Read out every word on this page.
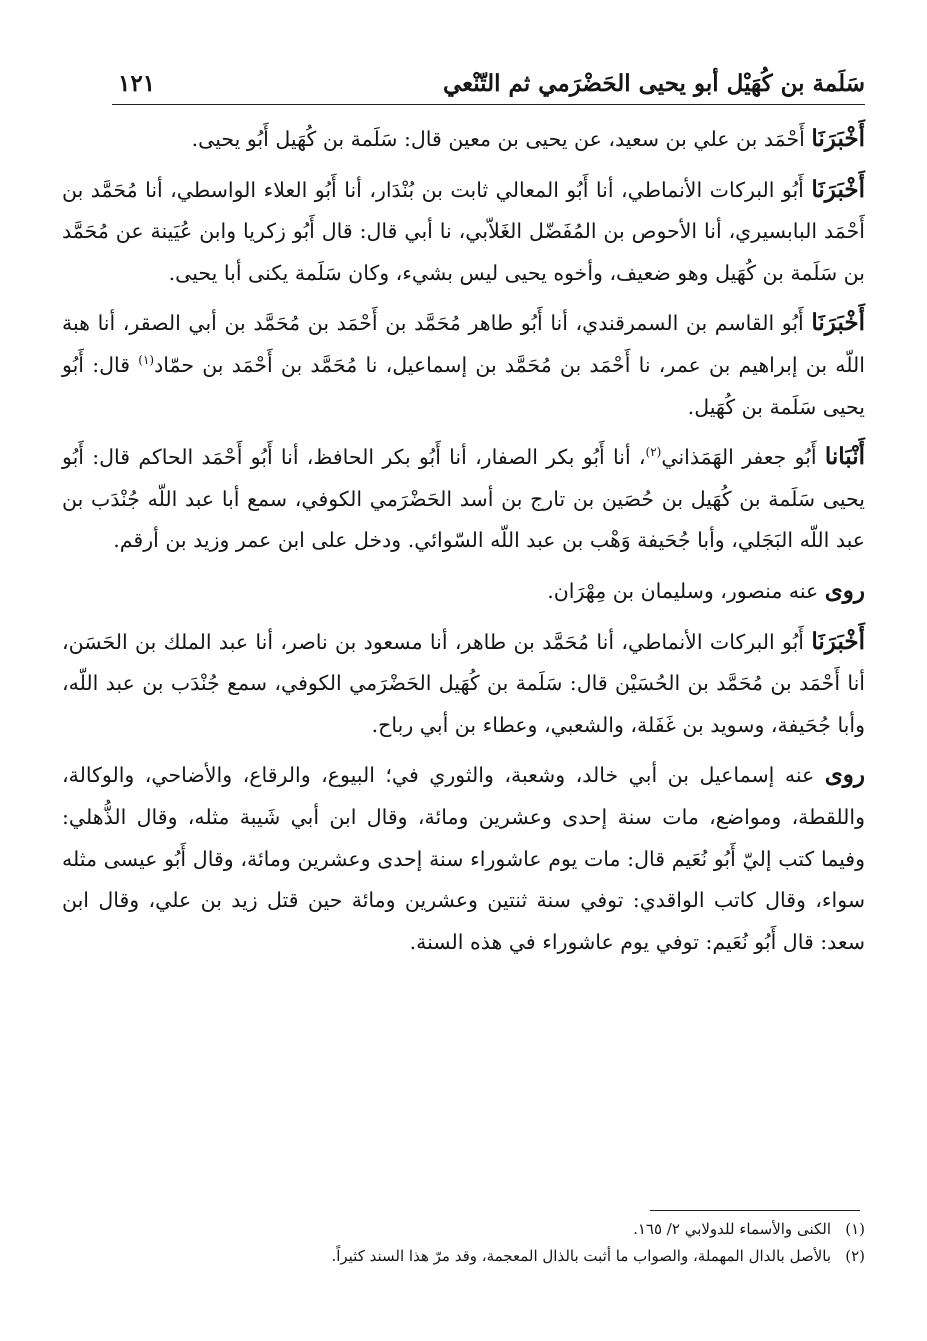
سَلَمة بن كُهَيْل أبو يحيى الحَضْرَمي ثم التّنْعي
١٢١

أَخْبَرَنَا أَحْمَد بن علي بن سعيد، عن يحيى بن معين قال: سَلَمة بن كُهَيل أَبُو يحيى.

أَخْبَرَنَا أَبُو البركات الأنماطي، أنا أَبُو المعالي ثابت بن بُنْدَار، أنا أَبُو العلاء الواسطي، أنا مُحَمَّد بن أَحْمَد البابسيري، أنا الأحوص بن المُفَضّل الغَلاّبي، نا أبي قال: قال أَبُو زكريا وابن عُيَينة عن مُحَمَّد بن سَلَمة بن كُهَيل وهو ضعيف، وأخوه يحيى ليس بشيء، وكان سَلَمة يكنى أبا يحيى.

أَخْبَرَنَا أَبُو القاسم بن السمرقندي، أنا أَبُو طاهر مُحَمَّد بن أَحْمَد بن مُحَمَّد بن أبي الصقر، أنا هبة اللّه بن إبراهيم بن عمر، نا أَحْمَد بن مُحَمَّد بن إسماعيل، نا مُحَمَّد بن أَحْمَد بن حمّاد$^{(١)}$ قال: أَبُو يحيى سَلَمة بن كُهَيل.

أَنْبَانا أَبُو جعفر الهَمَذاني$^{(٢)}$، أنا أَبُو بكر الصفار، أنا أَبُو بكر الحافظ، أنا أَبُو أَحْمَد الحاكم قال: أَبُو يحيى سَلَمة بن كُهَيل بن حُصَين بن تارج بن أسد الحَضْرَمي الكوفي، سمع أبا عبد اللّه جُنْدَب بن عبد اللّه البَجَلي، وأبا جُحَيفة وَهْب بن عبد اللّه السّوائي. ودخل على ابن عمر وزيد بن أرقم.

روى عنه منصور، وسليمان بن مِهْرَان.

أَخْبَرَنَا أَبُو البركات الأنماطي، أنا مُحَمَّد بن طاهر، أنا مسعود بن ناصر، أنا عبد الملك بن الحَسَن، أنا أَحْمَد بن مُحَمَّد بن الحُسَيْن قال: سَلَمة بن كُهَيل الحَضْرَمي الكوفي، سمع جُنْدَب بن عبد اللّه، وأبا جُحَيفة، وسويد بن غَفَلة، والشعبي، وعطاء بن أبي رباح.

روى عنه إسماعيل بن أبي خالد، وشعبة، والثوري في؛ البيوع، والرقاع، والأضاحي، والوكالة، واللقطة، ومواضع، مات سنة إحدى وعشرين ومائة، وقال ابن أبي شَيبة مثله، وقال الذُّهلي: وفيما كتب إليّ أَبُو نُعَيم قال: مات يوم عاشوراء سنة إحدى وعشرين ومائة، وقال أَبُو عيسى مثله سواء، وقال كاتب الواقدي: توفي سنة ثنتين وعشرين ومائة حين قتل زيد بن علي، وقال ابن سعد: قال أَبُو نُعَيم: توفي يوم عاشوراء في هذه السنة.

(١)الكنى والأسماء للدولابي ٢/ ١٦٥.
(٢)بالأصل بالدال المهملة، والصواب ما أثبت بالذال المعجمة، وقد مرّ هذا السند كثيراً.
